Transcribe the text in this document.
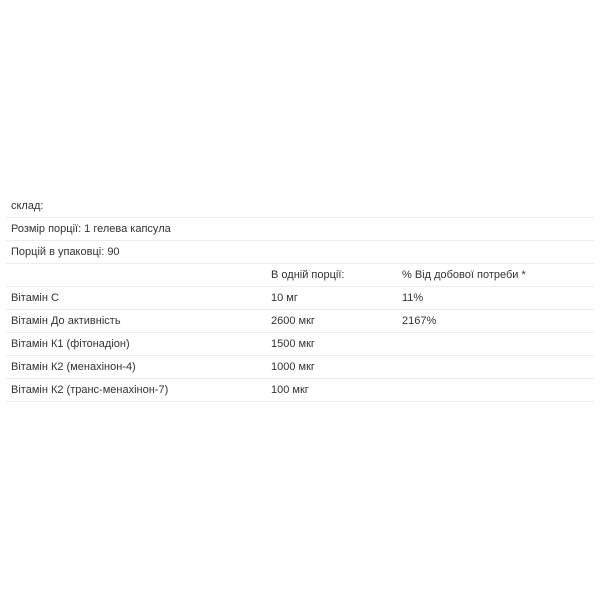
склад:		
Розмір порції: 1 гелева капсула		
Порцій в упаковці: 90		
	В одній порції:	% Від добової потреби *
Вітамін C	10 мг	11%
Вітамін До активність	2600 мкг	2167%
Вітамін К1 (фітонадіон)	1500 мкг	
Вітамін К2 (менахінон-4)	1000 мкг	
Вітамін К2 (транс-менахінон-7)	100 мкг	
